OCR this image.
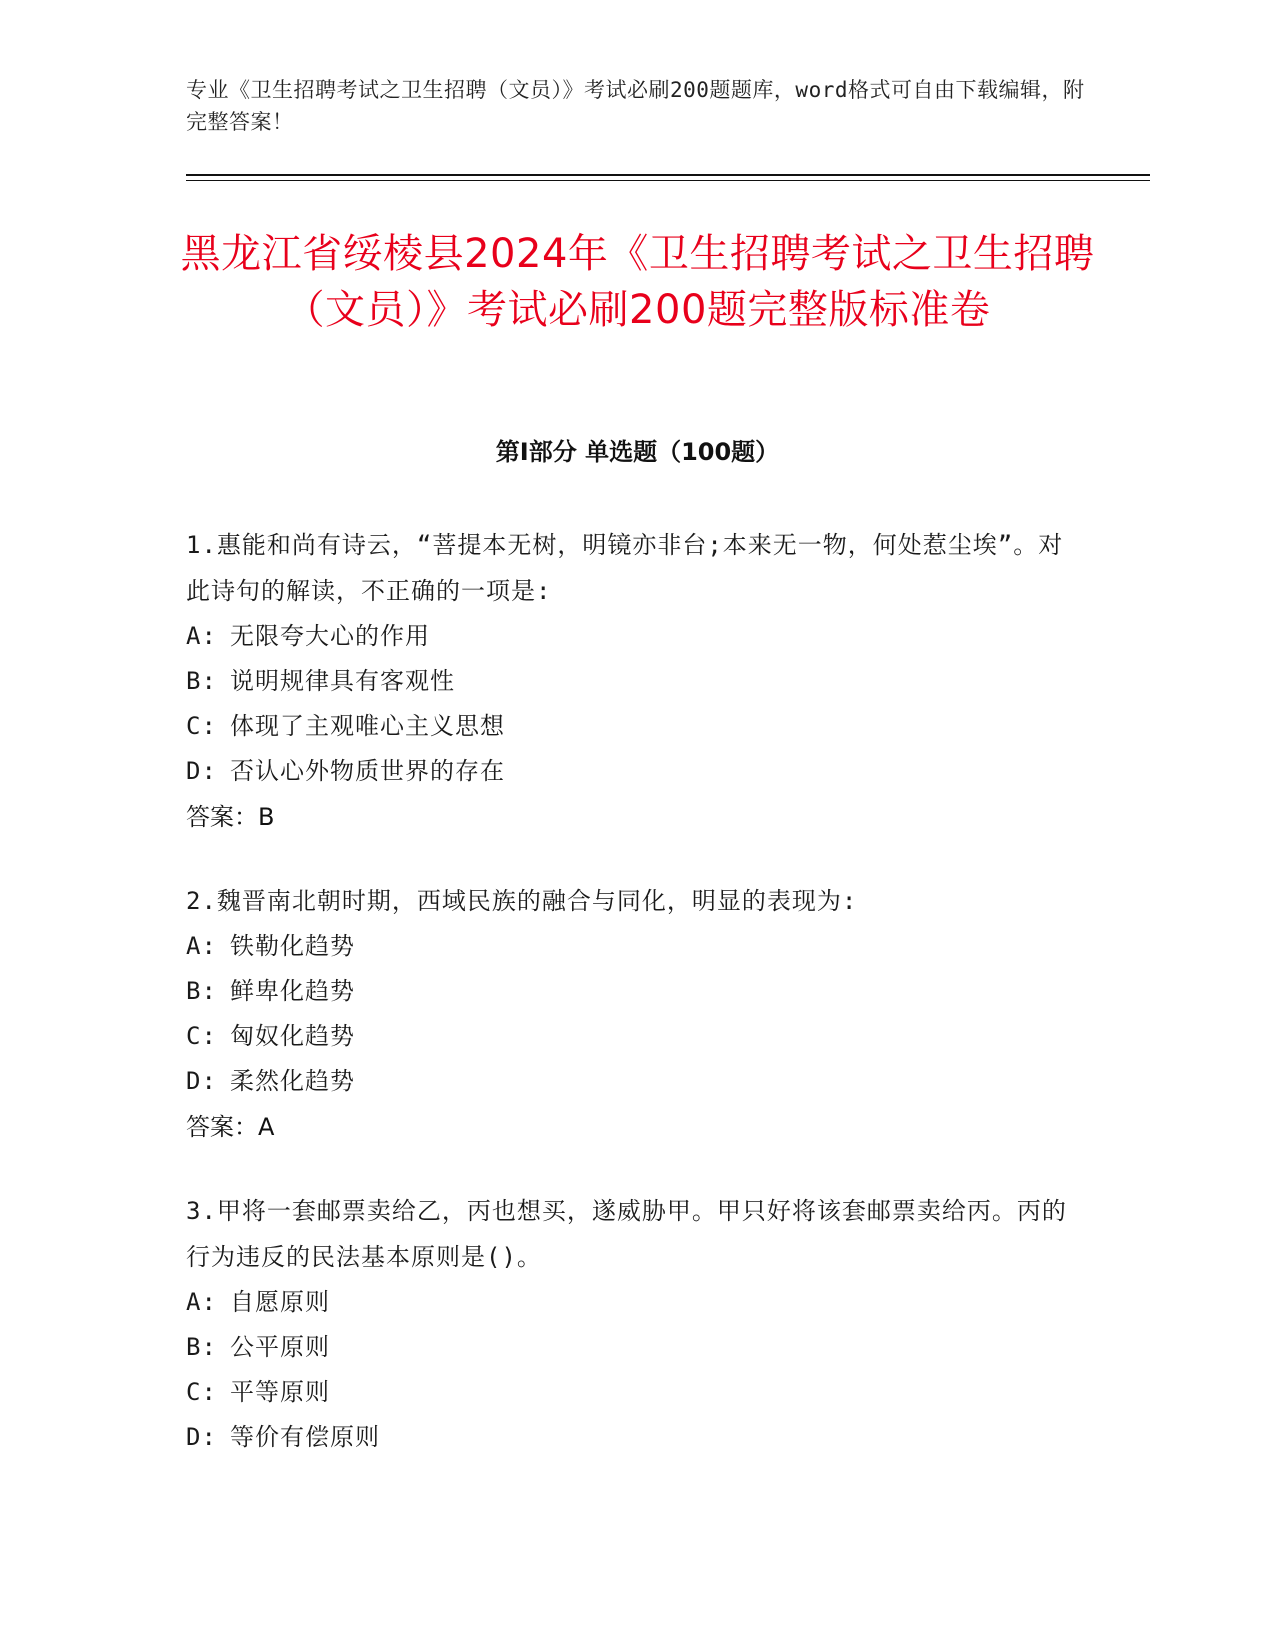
专业《卫生招聘考试之卫生招聘（文员）》考试必刷200题题库，word格式可自由下载编辑，附完整答案！
黑龙江省绥棱县2024年《卫生招聘考试之卫生招聘（文员）》考试必刷200题完整版标准卷
第Ⅰ部分 单选题（100题）

1.惠能和尚有诗云，“菩提本无树，明镜亦非台;本来无一物，何处惹尘埃”。对此诗句的解读，不正确的一项是:

A: 无限夸大心的作用
B: 说明规律具有客观性
C: 体现了主观唯心主义思想
D: 否认心外物质世界的存在
答案：B

2.魏晋南北朝时期，西域民族的融合与同化，明显的表现为:

A: 铁勒化趋势
B: 鲜卑化趋势
C: 匈奴化趋势
D: 柔然化趋势
答案：A

3.甲将一套邮票卖给乙，丙也想买，遂威胁甲。甲只好将该套邮票卖给丙。丙的行为违反的民法基本原则是()。

A: 自愿原则
B: 公平原则
C: 平等原则
D: 等价有偿原则
